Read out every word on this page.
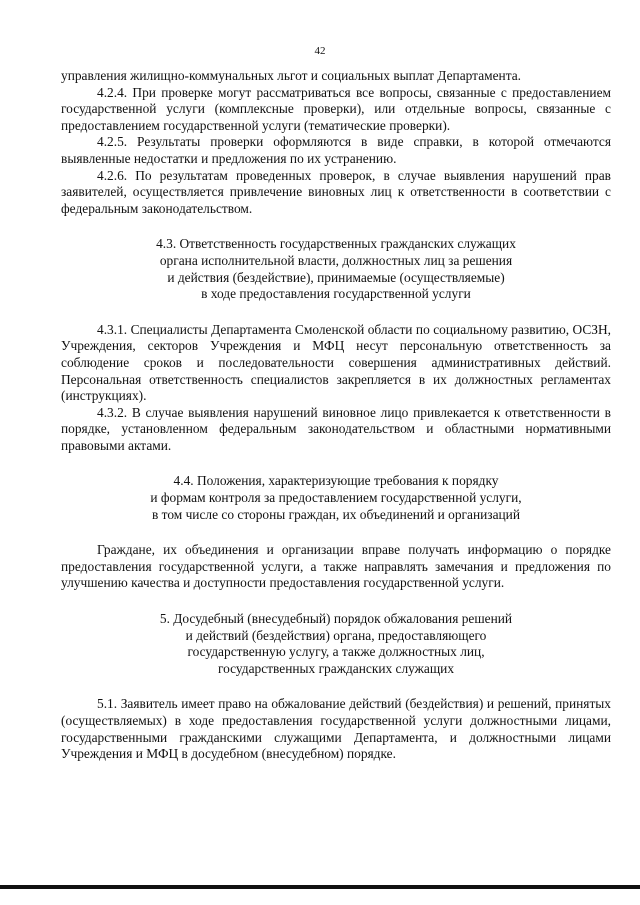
42

управления жилищно-коммунальных льгот и социальных выплат Департамента.

4.2.4. При проверке могут рассматриваться все вопросы, связанные с предоставлением государственной услуги (комплексные проверки), или отдельные вопросы, связанные с предоставлением государственной услуги (тематические проверки).

4.2.5. Результаты проверки оформляются в виде справки, в которой отмечаются выявленные недостатки и предложения по их устранению.

4.2.6. По результатам проведенных проверок, в случае выявления нарушений прав заявителей, осуществляется привлечение виновных лиц к ответственности в соответствии с федеральным законодательством.

4.3. Ответственность государственных гражданских служащих
органа исполнительной власти, должностных лиц за решения
и действия (бездействие), принимаемые (осуществляемые)
в ходе предоставления государственной услуги

4.3.1. Специалисты Департамента Смоленской области по социальному развитию, ОСЗН, Учреждения, секторов Учреждения и МФЦ несут персональную ответственность за соблюдение сроков и последовательности совершения административных действий. Персональная ответственность специалистов закрепляется в их должностных регламентах (инструкциях).

4.3.2. В случае выявления нарушений виновное лицо привлекается к ответственности в порядке, установленном федеральным законодательством и областными нормативными правовыми актами.

4.4. Положения, характеризующие требования к порядку
и формам контроля за предоставлением государственной услуги,
в том числе со стороны граждан, их объединений и организаций

Граждане, их объединения и организации вправе получать информацию о порядке предоставления государственной услуги, а также направлять замечания и предложения по улучшению качества и доступности предоставления государственной услуги.

5. Досудебный (внесудебный) порядок обжалования решений
и действий (бездействия) органа, предоставляющего
государственную услугу, а также должностных лиц,
государственных гражданских служащих

5.1. Заявитель имеет право на обжалование действий (бездействия) и решений, принятых (осуществляемых) в ходе предоставления государственной услуги должностными лицами, государственными гражданскими служащими Департамента, и должностными лицами Учреждения и МФЦ в досудебном (внесудебном) порядке.
